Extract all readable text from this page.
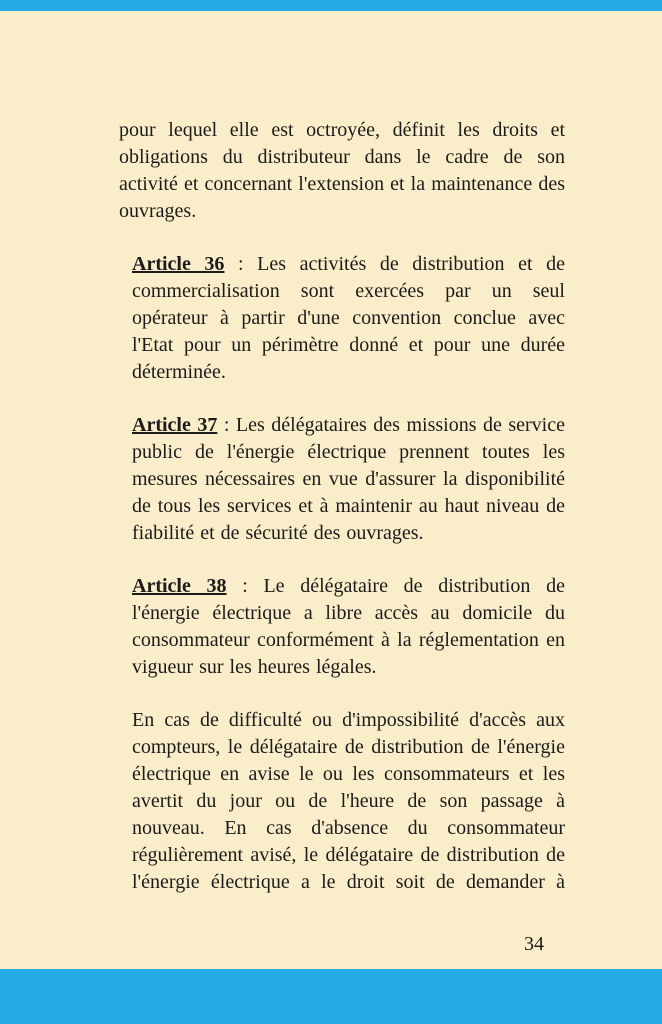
pour lequel elle est octroyée, définit les droits et obligations du distributeur dans le cadre de son activité et concernant l'extension et la maintenance des ouvrages.

Article 36 : Les activités de distribution et de commercialisation sont exercées par un seul opérateur à partir d'une convention conclue avec l'Etat pour un périmètre donné et pour une durée déterminée.

Article 37 : Les délégataires des missions de service public de l'énergie électrique prennent toutes les mesures nécessaires en vue d'assurer la disponibilité de tous les services et à maintenir au haut niveau de fiabilité et de sécurité des ouvrages.

Article 38 : Le délégataire de distribution de l'énergie électrique a libre accès au domicile du consommateur conformément à la réglementation en vigueur sur les heures légales.

En cas de difficulté ou d'impossibilité d'accès aux compteurs, le délégataire de distribution de l'énergie électrique en avise le ou les consommateurs et les avertit du jour ou de l'heure de son passage à nouveau. En cas d'absence du consommateur régulièrement avisé, le délégataire de distribution de l'énergie électrique a le droit soit de demander à

34
